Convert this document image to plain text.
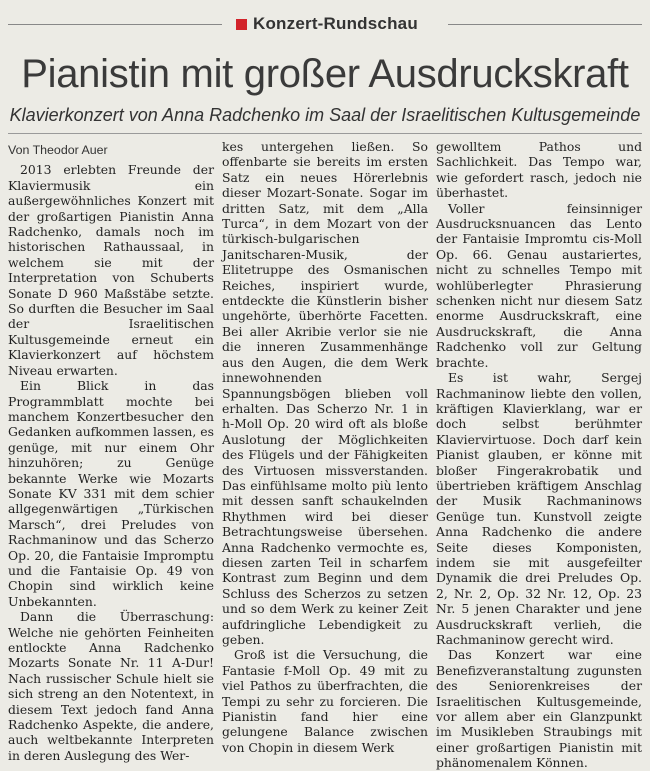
Konzert-Rundschau
Pianistin mit großer Ausdruckskraft
Klavierkonzert von Anna Radchenko im Saal der Israelitischen Kultusgemeinde
Von Theodor Auer

2013 erlebten Freunde der Klaviermusik ein außergewöhnliches Konzert mit der großartigen Pianistin Anna Radchenko, damals noch im historischen Rathaussaal, in welchem sie mit der Interpretation von Schuberts Sonate D 960 Maßstäbe setzte. So durften die Besucher im Saal der Israelitischen Kultusgemeinde erneut ein Klavierkonzert auf höchstem Niveau erwarten.

Ein Blick in das Programmblatt mochte bei manchem Konzertbesucher den Gedanken aufkommen lassen, es genüge, mit nur einem Ohr hinzuhören; zu Genüge bekannte Werke wie Mozarts Sonate KV 331 mit dem schier allgegenwärtigen „Türkischen Marsch“, drei Preludes von Rachmaninow und das Scherzo Op. 20, die Fantaisie Impromptu und die Fantaisie Op. 49 von Chopin sind wirklich keine Unbekannten.

Dann die Überraschung: Welche nie gehörten Feinheiten entlockte Anna Radchenko Mozarts Sonate Nr. 11 A-Dur! Nach russischer Schule hielt sie sich streng an den Notentext, in diesem Text jedoch fand Anna Radchenko Aspekte, die andere, auch weltbekannte Interpreten in deren Auslegung des Wer-

kes untergehen ließen. So offenbarte sie bereits im ersten Satz ein neues Hörerlebnis dieser Mozart-Sonate. Sogar im dritten Satz, mit dem „Alla Turca“, in dem Mozart von der türkisch-bulgarischen Janitscharen-Musik, der Elitetruppe des Osmanischen Reiches, inspiriert wurde, entdeckte die Künstlerin bisher ungehörte, überhörte Facetten. Bei aller Akribie verlor sie nie die inneren Zusammenhänge aus den Augen, die dem Werk innewohnenden Spannungsbögen blieben voll erhalten. Das Scherzo Nr. 1 in h-Moll Op. 20 wird oft als bloße Auslotung der Möglichkeiten des Flügels und der Fähigkeiten des Virtuosen missverstanden. Das einfühlsame molto più lento mit dessen sanft schaukelnden Rhythmen wird bei dieser Betrachtungsweise übersehen. Anna Radchenko vermochte es, diesen zarten Teil in scharfem Kontrast zum Beginn und dem Schluss des Scherzos zu setzen und so dem Werk zu keiner Zeit aufdringliche Lebendigkeit zu geben.

Groß ist die Versuchung, die Fantasie f-Moll Op. 49 mit zu viel Pathos zu überfrachten, die Tempi zu sehr zu forcieren. Die Pianistin fand hier eine gelungene Balance zwischen von Chopin in diesem Werk

gewolltem Pathos und Sachlichkeit. Das Tempo war, wie gefordert rasch, jedoch nie überhastet.

Voller feinsinniger Ausdrucksnuancen das Lento der Fantaisie Impromtu cis-Moll Op. 66. Genau austariertes, nicht zu schnelles Tempo mit wohlüberlegter Phrasierung schenken nicht nur diesem Satz enorme Ausdruckskraft, eine Ausdruckskraft, die Anna Radchenko voll zur Geltung brachte.

Es ist wahr, Sergej Rachmaninow liebte den vollen, kräftigen Klavierklang, war er doch selbst berühmter Klaviervirtuose. Doch darf kein Pianist glauben, er könne mit bloßer Fingerakrobatik und übertrieben kräftigem Anschlag der Musik Rachmaninows Genüge tun. Kunstvoll zeigte Anna Radchenko die andere Seite dieses Komponisten, indem sie mit ausgefeilter Dynamik die drei Preludes Op. 2, Nr. 2, Op. 32 Nr. 12, Op. 23 Nr. 5 jenen Charakter und jene Ausdruckskraft verlieh, die Rachmaninow gerecht wird.

Das Konzert war eine Benefizveranstaltung zugunsten des Seniorenkreises der Israelitischen Kultusgemeinde, vor allem aber ein Glanzpunkt im Musikleben Straubings mit einer großartigen Pianistin mit phänomenalem Können.
